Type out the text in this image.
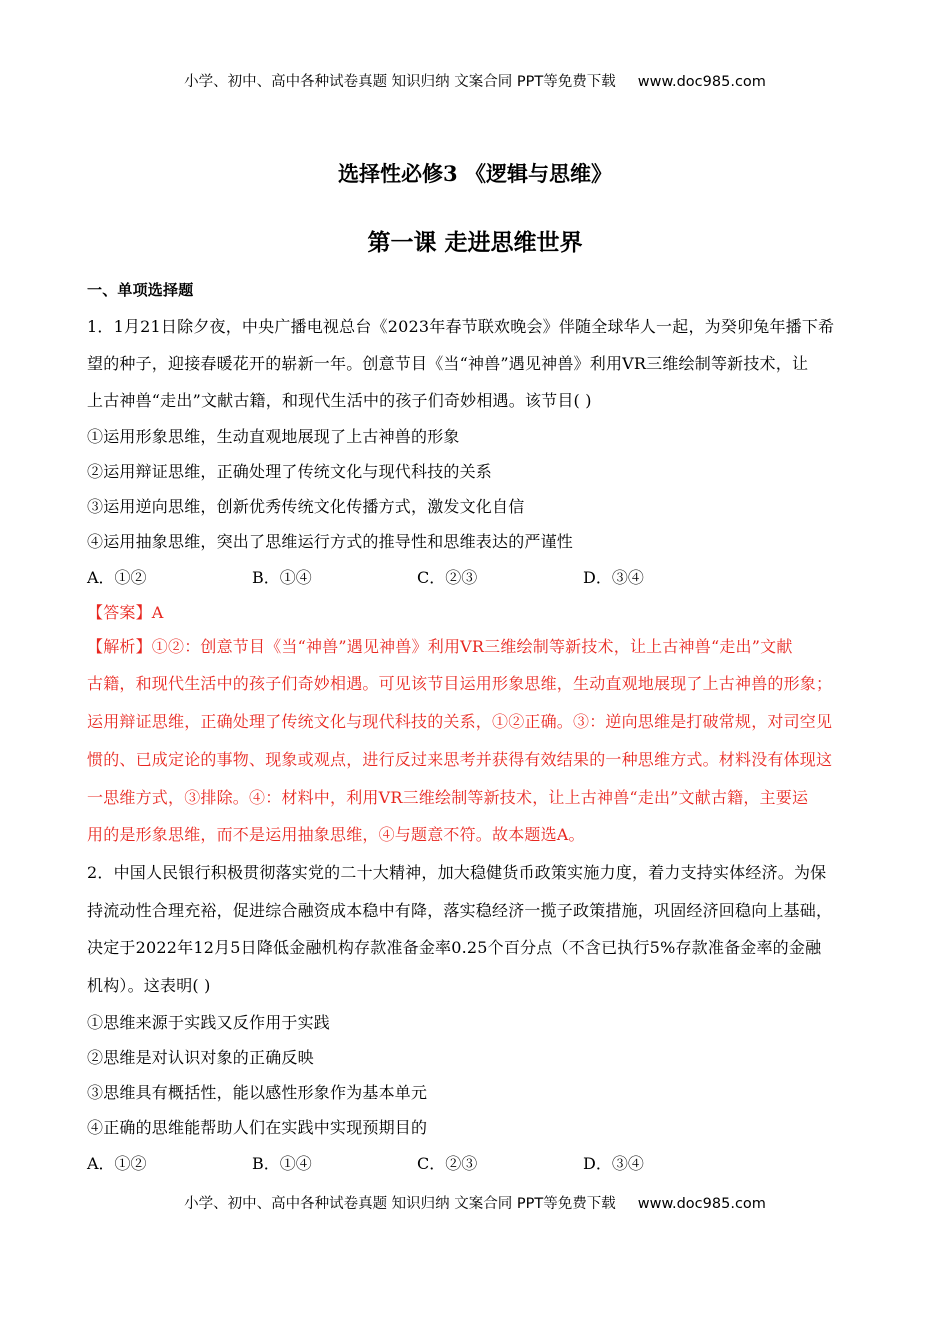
小学、初中、高中各种试卷真题 知识归纳 文案合同 PPT等免费下载 www.doc985.com
选择性必修3 《逻辑与思维》
第一课 走进思维世界
一、单项选择题
1．1月21日除夕夜，中央广播电视总台《2023年春节联欢晚会》伴随全球华人一起，为癸卯兔年播下希
望的种子，迎接春暖花开的崭新一年。创意节目《当“神兽”遇见神兽》利用VR三维绘制等新技术，让
上古神兽“走出”文献古籍，和现代生活中的孩子们奇妙相遇。该节目( )
①运用形象思维，生动直观地展现了上古神兽的形象
②运用辩证思维，正确处理了传统文化与现代科技的关系
③运用逆向思维，创新优秀传统文化传播方式，激发文化自信
④运用抽象思维，突出了思维运行方式的推导性和思维表达的严谨性
A．①②	B．①④	C．②③	D．③④
【答案】A
【解析】①②：创意节目《当“神兽”遇见神兽》利用VR三维绘制等新技术，让上古神兽“走出”文献
古籍，和现代生活中的孩子们奇妙相遇。可见该节目运用形象思维，生动直观地展现了上古神兽的形象；
运用辩证思维，正确处理了传统文化与现代科技的关系，①②正确。③：逆向思维是打破常规，对司空见
惯的、已成定论的事物、现象或观点，进行反过来思考并获得有效结果的一种思维方式。材料没有体现这
一思维方式，③排除。④：材料中，利用VR三维绘制等新技术，让上古神兽“走出”文献古籍，主要运
用的是形象思维，而不是运用抽象思维，④与题意不符。故本题选A。
2．中国人民银行积极贯彻落实党的二十大精神，加大稳健货币政策实施力度，着力支持实体经济。为保
持流动性合理充裕，促进综合融资成本稳中有降，落实稳经济一揽子政策措施，巩固经济回稳向上基础，
决定于2022年12月5日降低金融机构存款准备金率0.25个百分点（不含已执行5%存款准备金率的金融
机构）。这表明( )
①思维来源于实践又反作用于实践
②思维是对认识对象的正确反映
③思维具有概括性，能以感性形象作为基本单元
④正确的思维能帮助人们在实践中实现预期目的
A．①②	B．①④	C．②③	D．③④
小学、初中、高中各种试卷真题 知识归纳 文案合同 PPT等免费下载 www.doc985.com
